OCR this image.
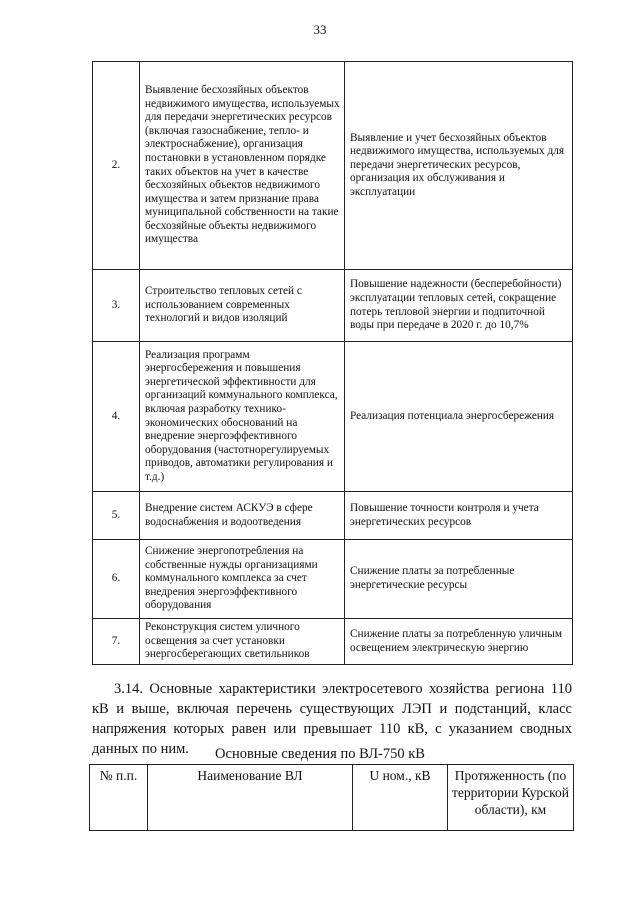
33
2.	Выявление бесхозяйных объектов недвижимого имущества, используемых для передачи энергетических ресурсов (включая газоснабжение, тепло- и электроснабжение), организация постановки в установленном порядке таких объектов на учет в качестве бесхозяйных объектов недвижимого имущества и затем признание права муниципальной собственности на такие бесхозяйные объекты недвижимого имущества	Выявление и учет бесхозяйных объектов недвижимого имущества, используемых для передачи энергетических ресурсов, организация их обслуживания и эксплуатации
3.	Строительство тепловых сетей с использованием современных технологий и видов изоляций	Повышение надежности (бесперебойности) эксплуатации тепловых сетей, сокращение потерь тепловой энергии и подпиточной воды при передаче в 2020 г. до 10,7%
4.	Реализация программ энергосбережения и повышения энергетической эффективности для организаций коммунального комплекса, включая разработку технико-экономических обоснований на внедрение энергоэффективного оборудования (частотнорегулируемых приводов, автоматики регулирования и т.д.)	Реализация потенциала энергосбережения
5.	Внедрение систем АСКУЭ в сфере водоснабжения и водоотведения	Повышение точности контроля и учета энергетических ресурсов
6.	Снижение энергопотребления на собственные нужды организациями коммунального комплекса за счет внедрения энергоэффективного оборудования	Снижение платы за потребленные энергетические ресурсы
7.	Реконструкция систем уличного освещения за счет установки энергосберегающих светильников	Снижение платы за потребленную уличным освещением электрическую энергию
3.14. Основные характеристики электросетевого хозяйства региона 110 кВ и выше, включая перечень существующих ЛЭП и подстанций, класс напряжения которых равен или превышает 110 кВ, с указанием сводных данных по ним.	Основные сведения по ВЛ-750 кВ
№ п.п.	Наименование ВЛ	U ном., кВ	Протяженность (по территории Курской области), км
